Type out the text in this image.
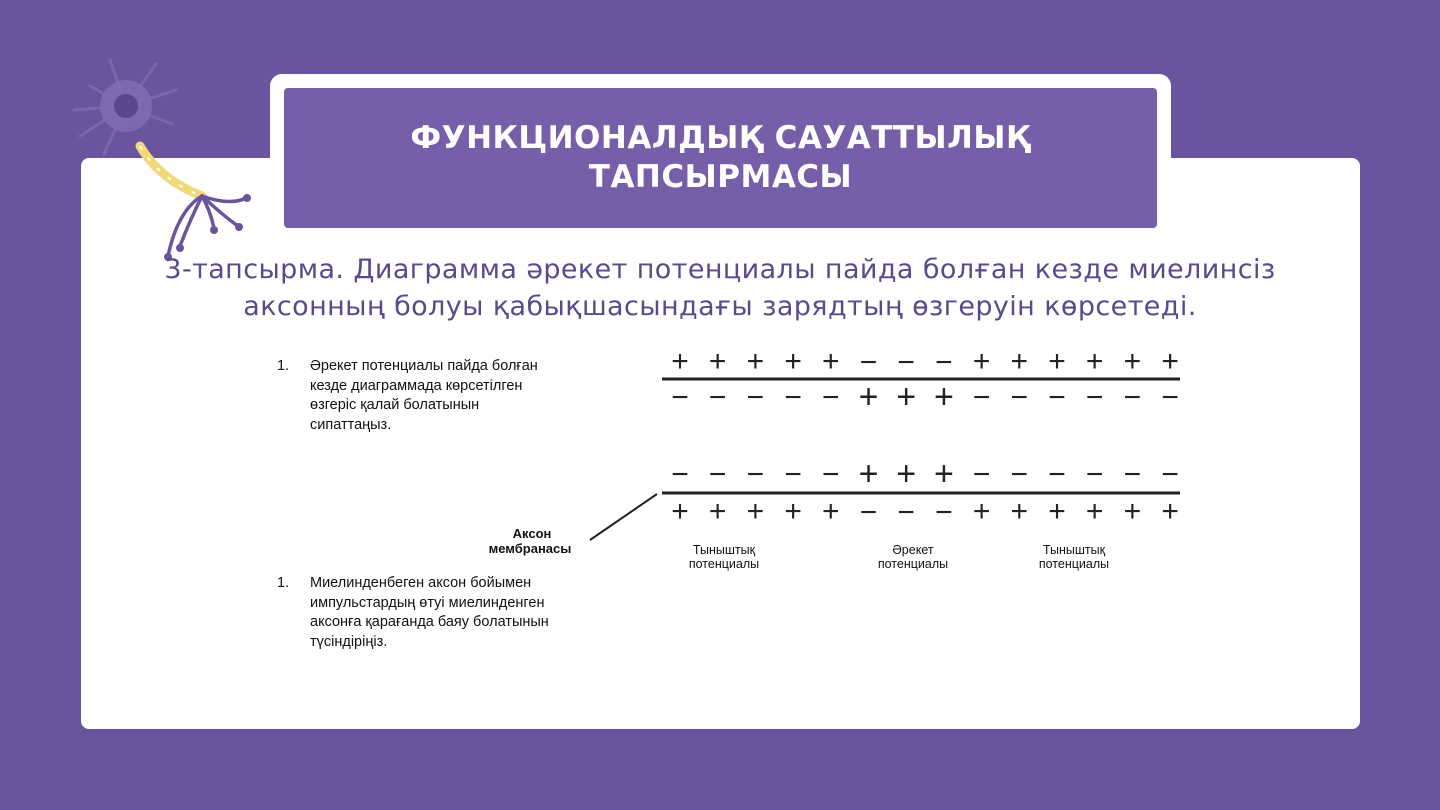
ФУНКЦИОНАЛДЫҚ САУАТТЫЛЫҚ ТАПСЫРМАСЫ
3-тапсырма. Диаграмма әрекет потенциалы пайда болған кезде миелинсіз аксонның болуы қабықшасындағы зарядтың өзгеруін көрсетеді.
1. Әрекет потенциалы пайда болған кезде диаграммада көрсетілген өзгеріс қалай болатынын сипаттаңыз.
1. Миелинденбеген аксон бойымен импульстардың өтуі миелинденген аксонға қарағанда баяу болатынын түсіндіріңіз.
Аксон
мембранасы	Тыныштық
потенциалы
Әрекет
потенциалы
Тыныштық
потенциалы
+ + + + + − − − + + + + + +
− − − − − + + + − − − − − −
− − − − − + + + − − − − − −
+ + + + + − − − + + + + + +
